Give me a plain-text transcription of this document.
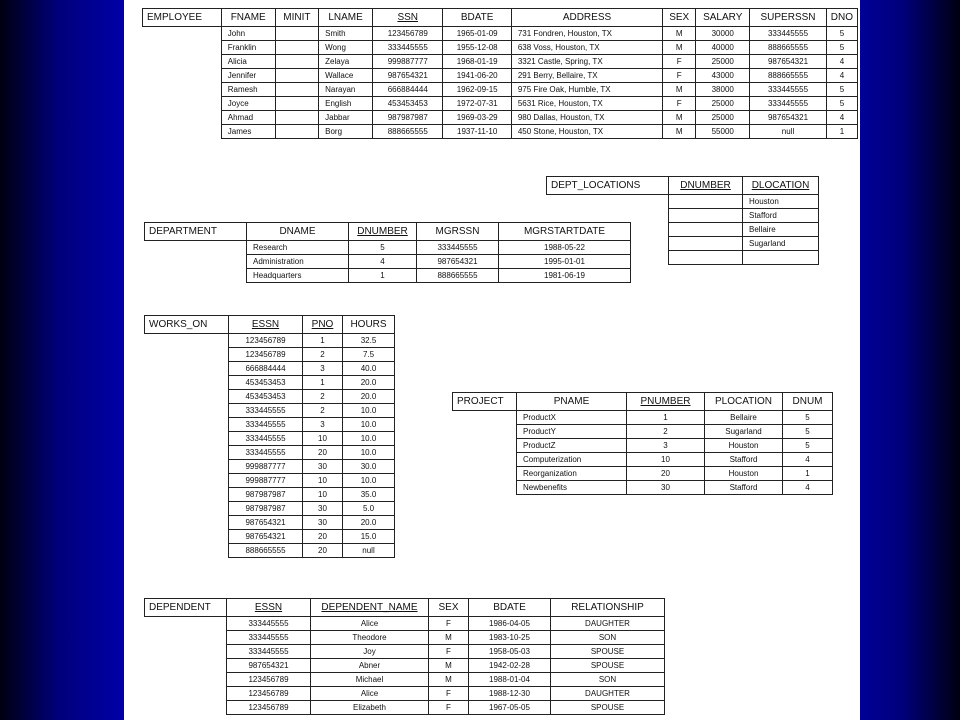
EMPLOYEE	FNAME	MINIT	LNAME	SSN	BDATE	ADDRESS	SEX	SALARY	SUPERSSN	DNO
	John		Smith	123456789	1965-01-09	731 Fondren, Houston, TX	M	30000	333445555	5
	Franklin		Wong	333445555	1955-12-08	638 Voss, Houston, TX	M	40000	888665555	5
	Alicia		Zelaya	999887777	1968-01-19	3321 Castle, Spring, TX	F	25000	987654321	4
	Jennifer		Wallace	987654321	1941-06-20	291 Berry, Bellaire, TX	F	43000	888665555	4
	Ramesh		Narayan	666884444	1962-09-15	975 Fire Oak, Humble, TX	M	38000	333445555	5
	Joyce		English	453453453	1972-07-31	5631 Rice, Houston, TX	F	25000	333445555	5
	Ahmad		Jabbar	987987987	1969-03-29	980 Dallas, Houston, TX	M	25000	987654321	4
	James		Borg	888665555	1937-11-10	450 Stone, Houston, TX	M	55000	null	1
DEPT_LOCATIONS	DNUMBER	DLOCATION
		Houston
		Stafford
		Bellaire
		Sugarland

DEPARTMENT	DNAME	DNUMBER	MGRSSN	MGRSTARTDATE
	Research	5	333445555	1988-05-22
	Administration	4	987654321	1995-01-01
	Headquarters	1	888665555	1981-06-19
WORKS_ON	ESSN	PNO	HOURS
	123456789	1	32.5
	123456789	2	7.5
	666884444	3	40.0
	453453453	1	20.0
	453453453	2	20.0
	333445555	2	10.0
	333445555	3	10.0
	333445555	10	10.0
	333445555	20	10.0
	999887777	30	30.0
	999887777	10	10.0
	987987987	10	35.0
	987987987	30	5.0
	987654321	30	20.0
	987654321	20	15.0
	888665555	20	null
PROJECT	PNAME	PNUMBER	PLOCATION	DNUM
	ProductX	1	Bellaire	5
	ProductY	2	Sugarland	5
	ProductZ	3	Houston	5
	Computerization	10	Stafford	4
	Reorganization	20	Houston	1
	Newbenefits	30	Stafford	4
DEPENDENT	ESSN	DEPENDENT_NAME	SEX	BDATE	RELATIONSHIP
	333445555	Alice	F	1986-04-05	DAUGHTER
	333445555	Theodore	M	1983-10-25	SON
	333445555	Joy	F	1958-05-03	SPOUSE
	987654321	Abner	M	1942-02-28	SPOUSE
	123456789	Michael	M	1988-01-04	SON
	123456789	Alice	F	1988-12-30	DAUGHTER
	123456789	Elizabeth	F	1967-05-05	SPOUSE
